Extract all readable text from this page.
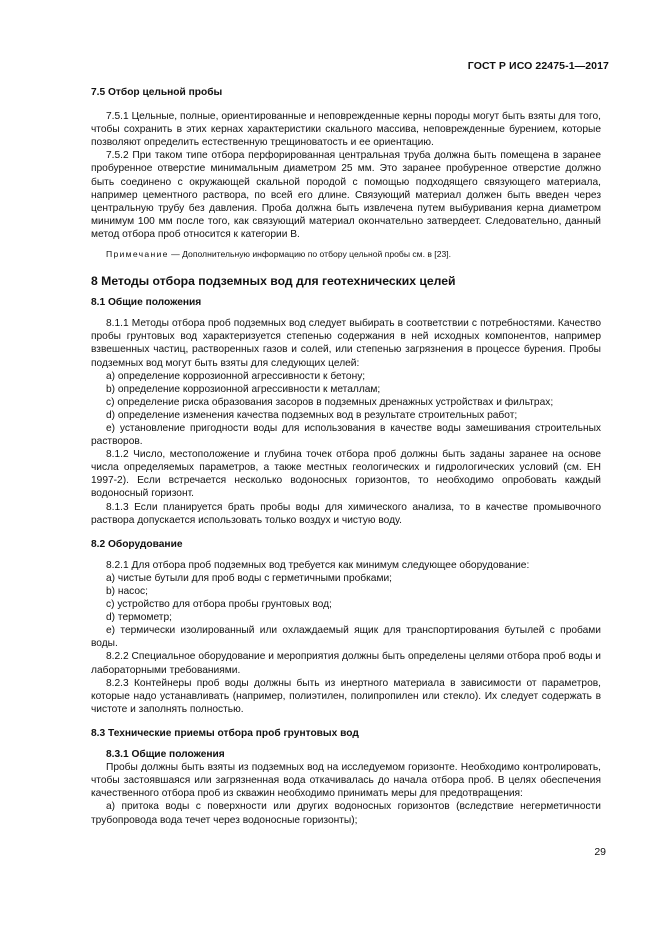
ГОСТ Р ИСО 22475-1—2017

7.5 Отбор цельной пробы

7.5.1 Цельные, полные, ориентированные и неповрежденные керны породы могут быть взяты для того, чтобы сохранить в этих кернах характеристики скального массива, неповрежденные бурением, которые позволяют определить естественную трещиноватость и ее ориентацию.

7.5.2 При таком типе отбора перфорированная центральная труба должна быть помещена в заранее пробуренное отверстие минимальным диаметром 25 мм. Это заранее пробуренное отверстие должно быть соединено с окружающей скальной породой с помощью подходящего связующего материала, например цементного раствора, по всей его длине. Связующий материал должен быть введен через центральную трубу без давления. Проба должна быть извлечена путем выбуривания керна диаметром минимум 100 мм после того, как связующий материал окончательно затвердеет. Следовательно, данный метод отбора проб относится к категории B.

Примечание — Дополнительную информацию по отбору цельной пробы см. в [23].

8 Методы отбора подземных вод для геотехнических целей

8.1 Общие положения

8.1.1 Методы отбора проб подземных вод следует выбирать в соответствии с потребностями. Качество пробы грунтовых вод характеризуется степенью содержания в ней исходных компонентов, например взвешенных частиц, растворенных газов и солей, или степенью загрязнения в процессе бурения. Пробы подземных вод могут быть взяты для следующих целей:

a) определение коррозионной агрессивности к бетону;

b) определение коррозионной агрессивности к металлам;

c) определение риска образования засоров в подземных дренажных устройствах и фильтрах;

d) определение изменения качества подземных вод в результате строительных работ;

e) установление пригодности воды для использования в качестве воды замешивания строительных растворов.

8.1.2 Число, местоположение и глубина точек отбора проб должны быть заданы заранее на основе числа определяемых параметров, а также местных геологических и гидрологических условий (см. ЕН 1997-2). Если встречается несколько водоносных горизонтов, то необходимо опробовать каждый водоносный горизонт.

8.1.3 Если планируется брать пробы воды для химического анализа, то в качестве промывочного раствора допускается использовать только воздух и чистую воду.

8.2 Оборудование

8.2.1 Для отбора проб подземных вод требуется как минимум следующее оборудование:

a) чистые бутыли для проб воды с герметичными пробками;

b) насос;

c) устройство для отбора пробы грунтовых вод;

d) термометр;

e) термически изолированный или охлаждаемый ящик для транспортирования бутылей с пробами воды.

8.2.2 Специальное оборудование и мероприятия должны быть определены целями отбора проб воды и лабораторными требованиями.

8.2.3 Контейнеры проб воды должны быть из инертного материала в зависимости от параметров, которые надо устанавливать (например, полиэтилен, полипропилен или стекло). Их следует содержать в чистоте и заполнять полностью.

8.3 Технические приемы отбора проб грунтовых вод

8.3.1 Общие положения

Пробы должны быть взяты из подземных вод на исследуемом горизонте. Необходимо контролировать, чтобы застоявшаяся или загрязненная вода откачивалась до начала отбора проб. В целях обеспечения качественного отбора проб из скважин необходимо принимать меры для предотвращения:

a) притока воды с поверхности или других водоносных горизонтов (вследствие негерметичности трубопровода вода течет через водоносные горизонты);

29
